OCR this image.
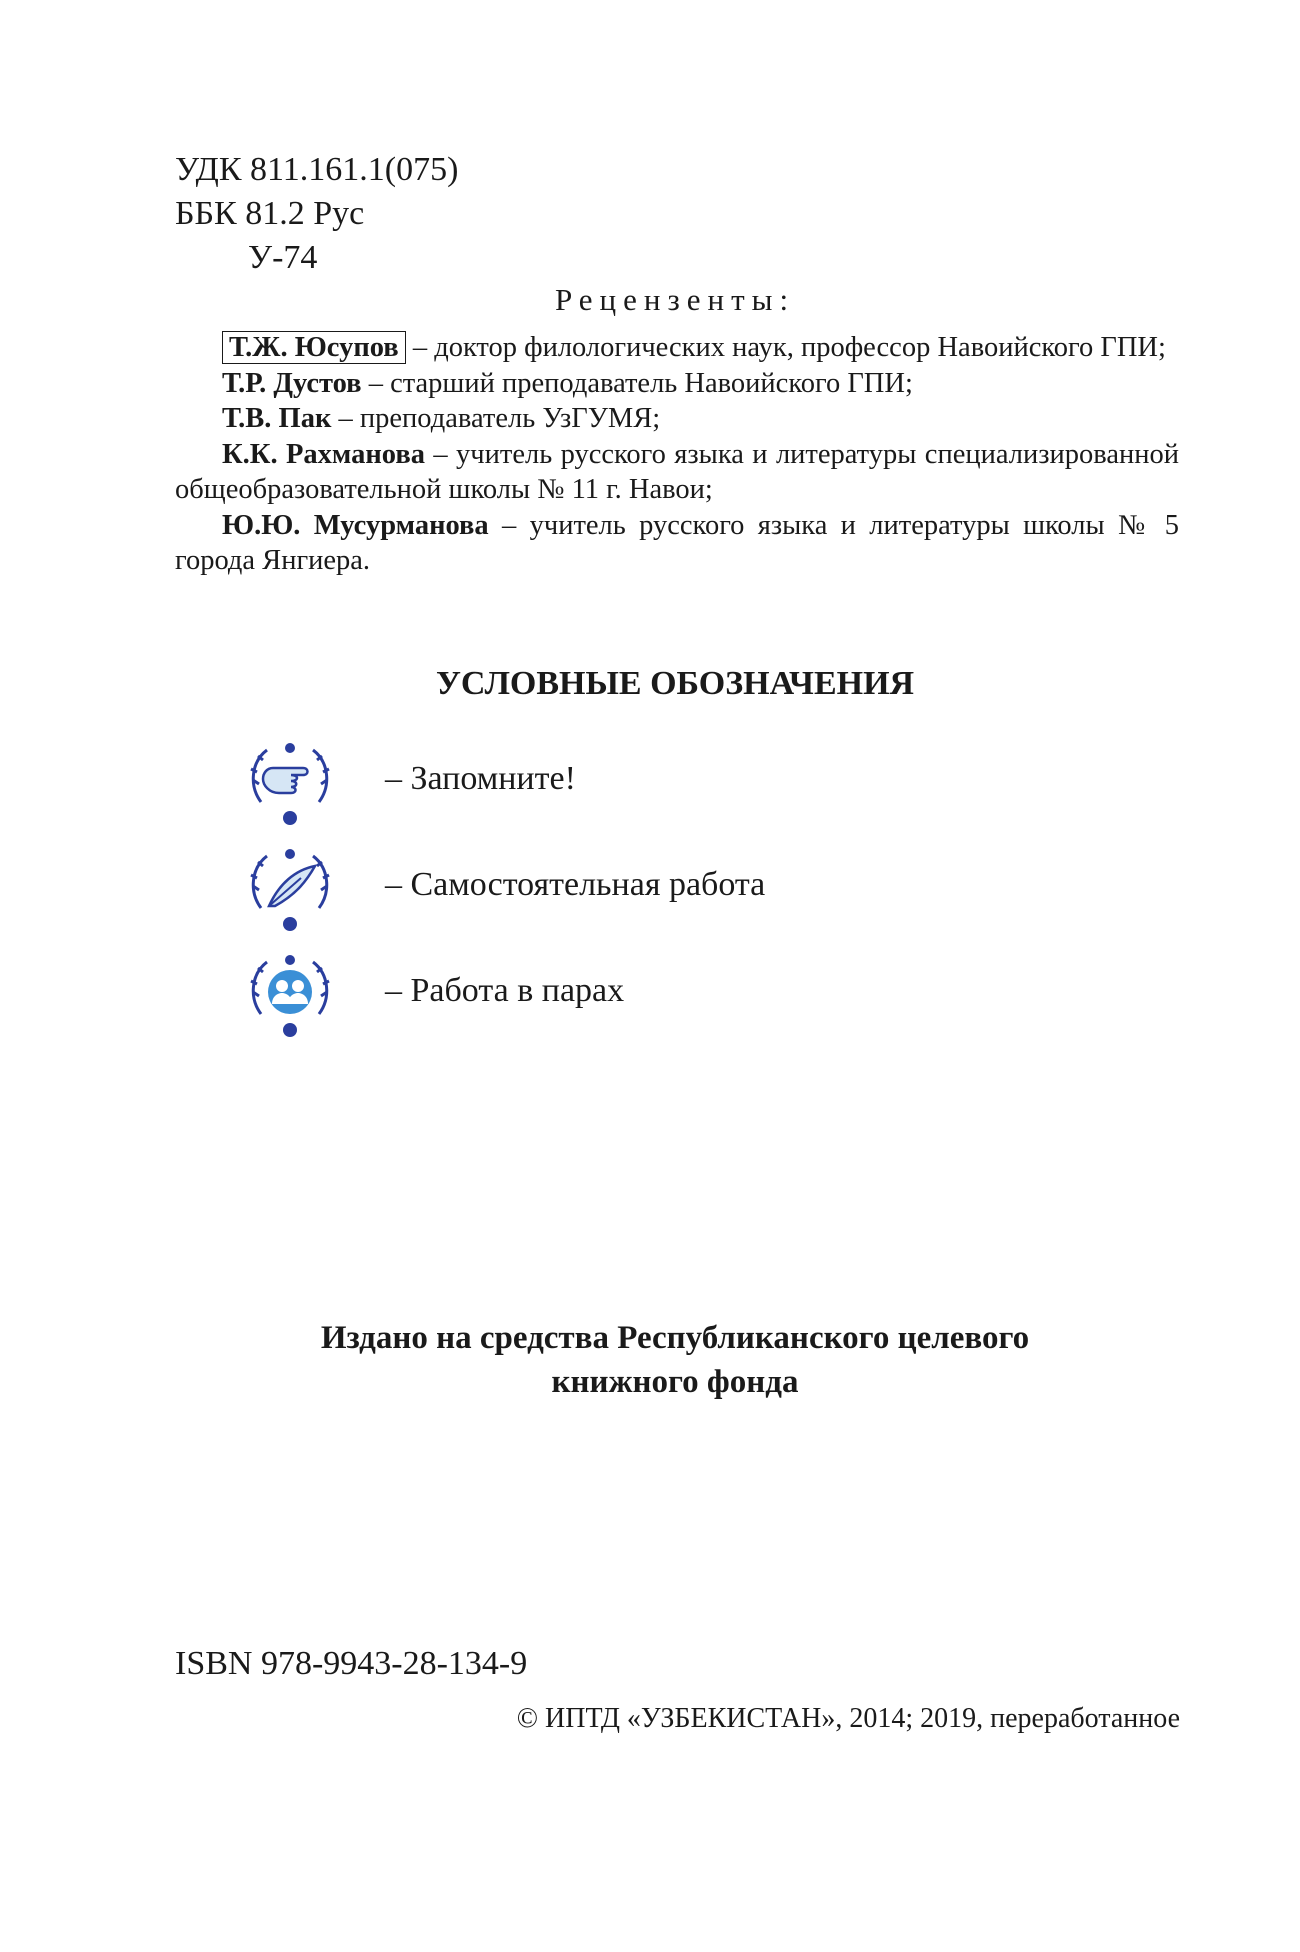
УДК 811.161.1(075)
ББК 81.2 Рус
У-74
Рецензенты:

Т.Ж. Юсупов – доктор филологических наук, профессор Навоийского ГПИ;

Т.Р. Дустов – старший преподаватель Навоийского ГПИ;

Т.В. Пак – преподаватель УзГУМЯ;

К.К. Рахманова – учитель русского языка и литературы специализированной общеобразовательной школы № 11 г. Навои;

Ю.Ю. Мусурманова – учитель русского языка и литературы школы № 5 города Янгиера.

УСЛОВНЫЕ ОБОЗНАЧЕНИЯ
– Запомните!
– Самостоятельная работа
– Работа в парах
Издано на средства Республиканского целевого
книжного фонда
ISBN 978-9943-28-134-9
© ИПТД «УЗБЕКИСТАН», 2014; 2019, переработанное
